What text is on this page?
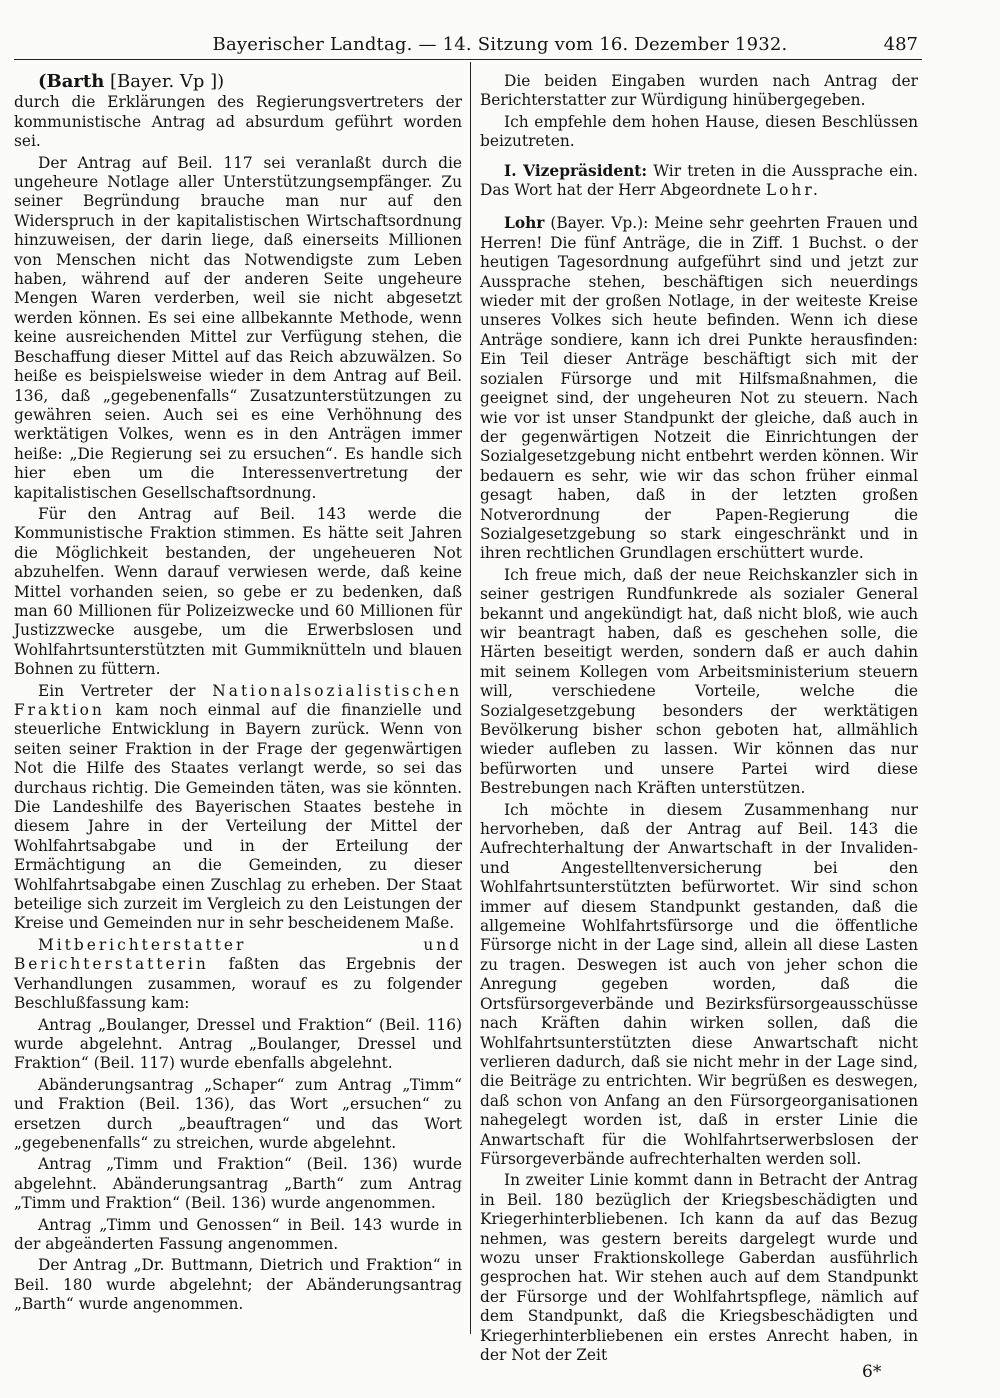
Bayerischer Landtag. — 14. Sitzung vom 16. Dezember 1932.	487

(Barth [Bayer. Vp ])

durch die Erklärungen des Regierungsvertreters der kommunistische Antrag ad absurdum geführt worden sei.

Der Antrag auf Beil. 117 sei veranlaßt durch die ungeheure Notlage aller Unterstützungsempfänger. Zu seiner Begründung brauche man nur auf den Widerspruch in der kapitalistischen Wirtschaftsordnung hinzuweisen, der darin liege, daß einerseits Millionen von Menschen nicht das Notwendigste zum Leben haben, während auf der anderen Seite ungeheure Mengen Waren verderben, weil sie nicht abgesetzt werden können. Es sei eine allbekannte Methode, wenn keine ausreichenden Mittel zur Verfügung stehen, die Beschaffung dieser Mittel auf das Reich abzuwälzen. So heiße es beispielsweise wieder in dem Antrag auf Beil. 136, daß „gegebenenfalls“ Zusatzunterstützungen zu gewähren seien. Auch sei es eine Verhöhnung des werktätigen Volkes, wenn es in den Anträgen immer heiße: „Die Regierung sei zu ersuchen“. Es handle sich hier eben um die Interessenvertretung der kapitalistischen Gesellschaftsordnung.

Für den Antrag auf Beil. 143 werde die Kommunistische Fraktion stimmen. Es hätte seit Jahren die Möglichkeit bestanden, der ungeheueren Not abzuhelfen. Wenn darauf verwiesen werde, daß keine Mittel vorhanden seien, so gebe er zu bedenken, daß man 60 Millionen für Polizeizwecke und 60 Millionen für Justizzwecke ausgebe, um die Erwerbslosen und Wohlfahrtsunterstützten mit Gummiknütteln und blauen Bohnen zu füttern.

Ein Vertreter der Nationalsozialistischen Fraktion kam noch einmal auf die finanzielle und steuerliche Entwicklung in Bayern zurück. Wenn von seiten seiner Fraktion in der Frage der gegenwärtigen Not die Hilfe des Staates verlangt werde, so sei das durchaus richtig. Die Gemeinden täten, was sie könnten. Die Landeshilfe des Bayerischen Staates bestehe in diesem Jahre in der Verteilung der Mittel der Wohlfahrtsabgabe und in der Erteilung der Ermächtigung an die Gemeinden, zu dieser Wohlfahrtsabgabe einen Zuschlag zu erheben. Der Staat beteilige sich zurzeit im Vergleich zu den Leistungen der Kreise und Gemeinden nur in sehr bescheidenem Maße.

Mitberichterstatter und Berichterstatterin faßten das Ergebnis der Verhandlungen zusammen, worauf es zu folgender Beschlußfassung kam:

Antrag „Boulanger, Dressel und Fraktion“ (Beil. 116) wurde abgelehnt. Antrag „Boulanger, Dressel und Fraktion“ (Beil. 117) wurde ebenfalls abgelehnt.

Abänderungsantrag „Schaper“ zum Antrag „Timm“ und Fraktion (Beil. 136), das Wort „ersuchen“ zu ersetzen durch „beauftragen“ und das Wort „gegebenenfalls“ zu streichen, wurde abgelehnt.

Antrag „Timm und Fraktion“ (Beil. 136) wurde abgelehnt. Abänderungsantrag „Barth“ zum Antrag „Timm und Fraktion“ (Beil. 136) wurde angenommen.

Antrag „Timm und Genossen“ in Beil. 143 wurde in der abgeänderten Fassung angenommen.

Der Antrag „Dr. Buttmann, Dietrich und Fraktion“ in Beil. 180 wurde abgelehnt; der Abänderungsantrag „Barth“ wurde angenommen.

Die beiden Eingaben wurden nach Antrag der Berichterstatter zur Würdigung hinübergegeben.

Ich empfehle dem hohen Hause, diesen Beschlüssen beizutreten.

I. Vizepräsident: Wir treten in die Aussprache ein. Das Wort hat der Herr Abgeordnete Lohr.

Lohr (Bayer. Vp.): Meine sehr geehrten Frauen und Herren! Die fünf Anträge, die in Ziff. 1 Buchst. o der heutigen Tagesordnung aufgeführt sind und jetzt zur Aussprache stehen, beschäftigen sich neuerdings wieder mit der großen Notlage, in der weiteste Kreise unseres Volkes sich heute befinden. Wenn ich diese Anträge sondiere, kann ich drei Punkte herausfinden: Ein Teil dieser Anträge beschäftigt sich mit der sozialen Fürsorge und mit Hilfsmaßnahmen, die geeignet sind, der ungeheuren Not zu steuern. Nach wie vor ist unser Standpunkt der gleiche, daß auch in der gegenwärtigen Notzeit die Einrichtungen der Sozialgesetzgebung nicht entbehrt werden können. Wir bedauern es sehr, wie wir das schon früher einmal gesagt haben, daß in der letzten großen Notverordnung der Papen-Regierung die Sozialgesetzgebung so stark eingeschränkt und in ihren rechtlichen Grundlagen erschüttert wurde.

Ich freue mich, daß der neue Reichskanzler sich in seiner gestrigen Rundfunkrede als sozialer General bekannt und angekündigt hat, daß nicht bloß, wie auch wir beantragt haben, daß es geschehen solle, die Härten beseitigt werden, sondern daß er auch dahin mit seinem Kollegen vom Arbeitsministerium steuern will, verschiedene Vorteile, welche die Sozialgesetzgebung besonders der werktätigen Bevölkerung bisher schon geboten hat, allmählich wieder aufleben zu lassen. Wir können das nur befürworten und unsere Partei wird diese Bestrebungen nach Kräften unterstützen.

Ich möchte in diesem Zusammenhang nur hervorheben, daß der Antrag auf Beil. 143 die Aufrechterhaltung der Anwartschaft in der Invaliden- und Angestelltenversicherung bei den Wohlfahrtsunterstützten befürwortet. Wir sind schon immer auf diesem Standpunkt gestanden, daß die allgemeine Wohlfahrtsfürsorge und die öffentliche Fürsorge nicht in der Lage sind, allein all diese Lasten zu tragen. Deswegen ist auch von jeher schon die Anregung gegeben worden, daß die Ortsfürsorgeverbände und Bezirksfürsorgeausschüsse nach Kräften dahin wirken sollen, daß die Wohlfahrtsunterstützten diese Anwartschaft nicht verlieren dadurch, daß sie nicht mehr in der Lage sind, die Beiträge zu entrichten. Wir begrüßen es deswegen, daß schon von Anfang an den Fürsorgeorganisationen nahegelegt worden ist, daß in erster Linie die Anwartschaft für die Wohlfahrtserwerbslosen der Fürsorgeverbände aufrechterhalten werden soll.

In zweiter Linie kommt dann in Betracht der Antrag in Beil. 180 bezüglich der Kriegsbeschädigten und Kriegerhinterbliebenen. Ich kann da auf das Bezug nehmen, was gestern bereits dargelegt wurde und wozu unser Fraktionskollege Gaberdan ausführlich gesprochen hat. Wir stehen auch auf dem Standpunkt der Fürsorge und der Wohlfahrtspflege, nämlich auf dem Standpunkt, daß die Kriegsbeschädigten und Kriegerhinterbliebenen ein erstes Anrecht haben, in der Not der Zeit

6*
